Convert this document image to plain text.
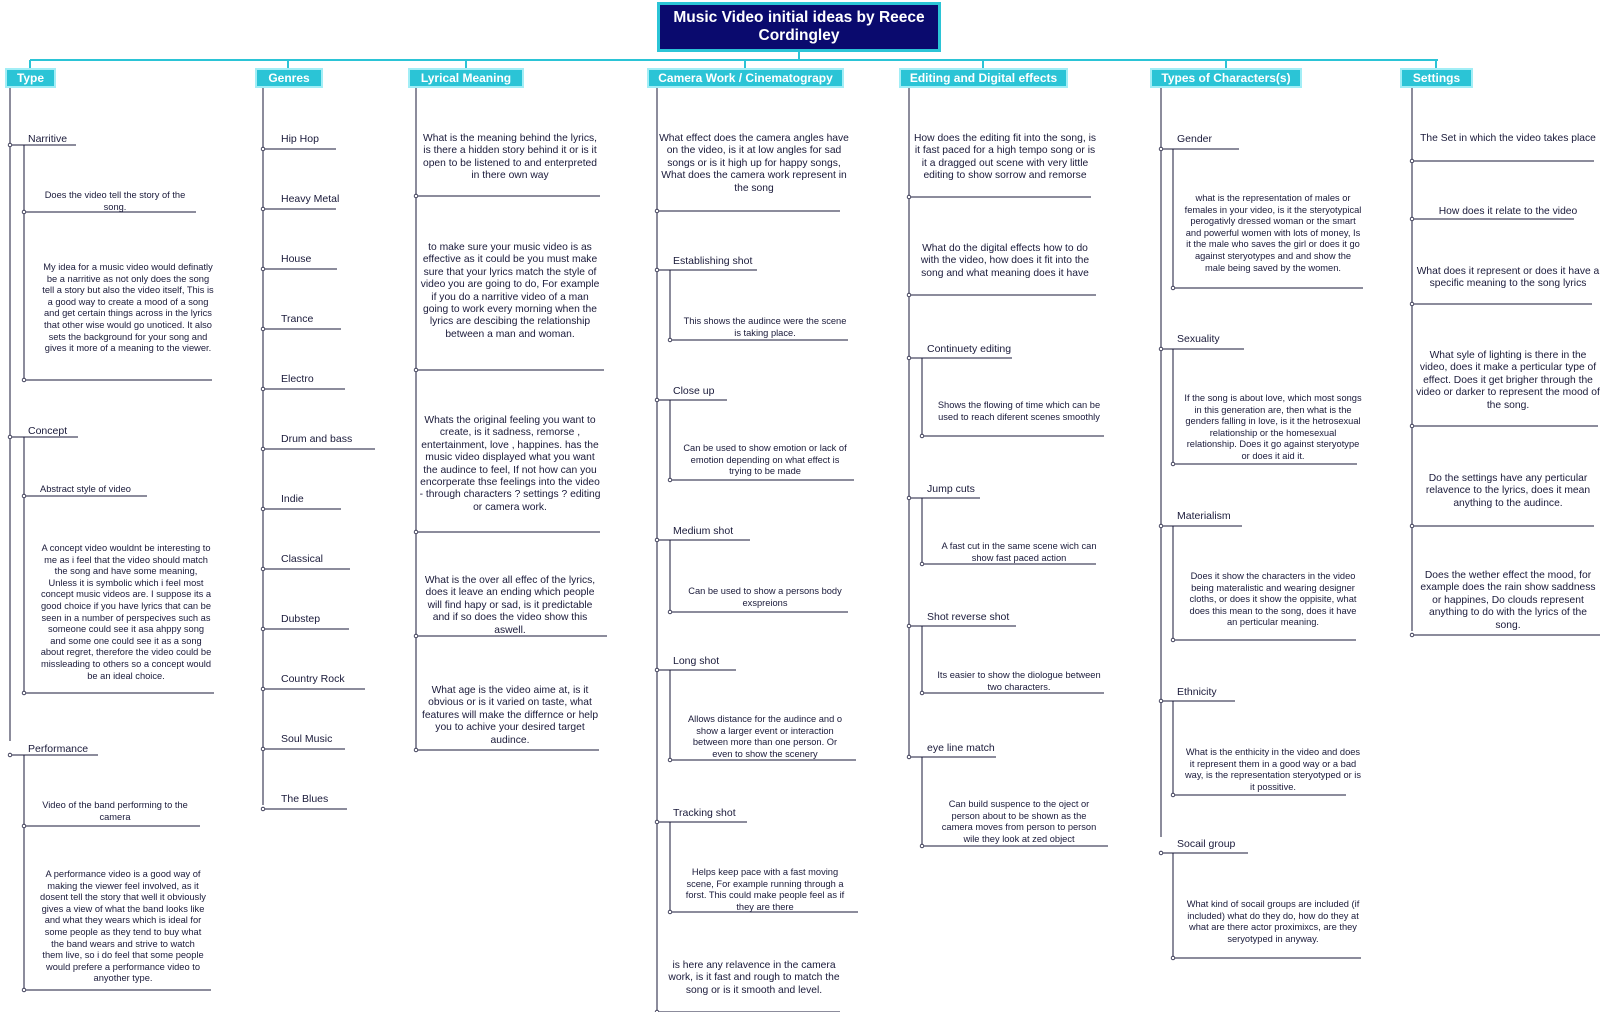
Music Video initial ideas by Reece Cordingley
Type	Genres	Lyrical Meaning	Camera Work / Cinematograpy	Editing and Digital effects	Types of Characters(s)	Settings
Narritive
Does the video tell the story of the song.
My idea for a music video would definatly be a narritive as not only does the song tell a story but also the video itself, This is a good way to create a mood of a song and get certain things across in the lyrics that other wise would go unoticed. It also sets the background for your song and gives it more of a meaning to the viewer.
Concept
Abstract style of video
A concept video wouldnt be interesting to me as i feel that the video should match the song and have some meaning, Unless it is symbolic which i feel most concept music videos are. I suppose its a good choice if you have lyrics that can be seen in a number of perspecives such as someone could see it asa ahppy song and some one could see it as a song about regret, therefore the video could be missleading to others so a concept would be an ideal choice.
Performance
Video of the band performing to the camera
A performance video is a good way of making the viewer feel involved, as it dosent tell the story that well it obviously gives a view of what the band looks like and what they wears which is ideal for some people as they tend to buy what the band wears and strive to watch them live, so i do feel that some people would prefere a performance video to anyother type.
Hip Hop
Heavy Metal
House
Trance
Electro
Drum and bass
Indie
Classical
Dubstep
Country Rock
Soul Music
The Blues
What is the meaning behind the lyrics, is there a hidden story behind it or is it open to be listened to and enterpreted in there own way
to make sure your music video is as effective as it could be you must make sure that your lyrics match the style of video you are going to do, For example if you do a narritive video of a man going to work every morning when the lyrics are descibing the relationship between a man and woman.
Whats the original feeling you want to create, is it sadness, remorse , entertainment, love , happines. has the music video displayed what you want the audince to feel, If not how can you encorperate thse feelings into the video - through characters ? settings ? editing or camera work.
What is the over all effec of the lyrics, does it leave an ending which people will find hapy or sad, is it predictable and if so does the video show this aswell.
What age is the video aime at, is it obvious or is it varied on taste, what features will make the differnce or help you to achive your desired target audince.
What effect does the camera angles have on the video, is it at low angles for sad songs or is it high up for happy songs, What does the camera work represent in the song
Establishing shot
This shows the audince were the scene is taking place.
Close up
Can be used to show emotion or lack of emotion depending on what effect is trying to be made
Medium shot
Can be used to show a persons body exspreions
Long shot
Allows distance for the audince and o show a larger event or interaction between more than one person. Or even to show the scenery
Tracking shot
Helps keep pace with a fast moving scene, For example running through a forst. This could make people feel as if they are there
is here any relavence in the camera work, is it fast and rough to match the song or is it smooth and level.
How does the editing fit into the song, is it fast paced for a high tempo song or is it a dragged out scene with very little editing to show sorrow and remorse
What do the digital effects how to do with the video, how does it fit into the song and what meaning does it have
Continuety editing
Shows the flowing of time which can be used to reach diferent scenes smoothly
Jump cuts
A fast cut in the same scene wich can show fast paced action
Shot reverse shot
Its easier to show the diologue between two characters.
eye line match
Can build suspence to the oject or person about to be shown as the camera moves from person to person wile they look at zed object
Gender
what is the representation of males or females in your video, is it the steryotypical perogativly dressed woman or the smart and powerful women with lots of money, Is it the male who saves the girl or does it go against steryotypes and and show the male being saved by the women.
Sexuality
If the song is about love, which most songs in this generation are, then what is the genders falling in love, is it the hetrosexual relationship or the homesexual relationship. Does it go against steryotype or does it aid it.
Materialism
Does it show the characters in the video being materalistic and wearing designer cloths, or does it show the oppisite, what does this mean to the song, does it have an perticular meaning.
Ethnicity
What is the enthicity in the video and does it represent them in a good way or a bad way, is the representation steryotyped or is it possitive.
Socail group
What kind of socail groups are included (if included) what do they do, how do they at what are there actor proximixcs, are they seryotyped in anyway.
The Set in which the video takes place
How does it relate to the video
What does it represent or does it have a specific meaning to the song lyrics
What syle of lighting is there in the video, does it make a perticular type of effect. Does it get brigher through the video or darker to represent the mood of the song.
Do the settings have any perticular relavence to the lyrics, does it mean anything to the audince.
Does the wether effect the mood, for example does the rain show saddness or happines, Do clouds represent anything to do with the lyrics of the song.
